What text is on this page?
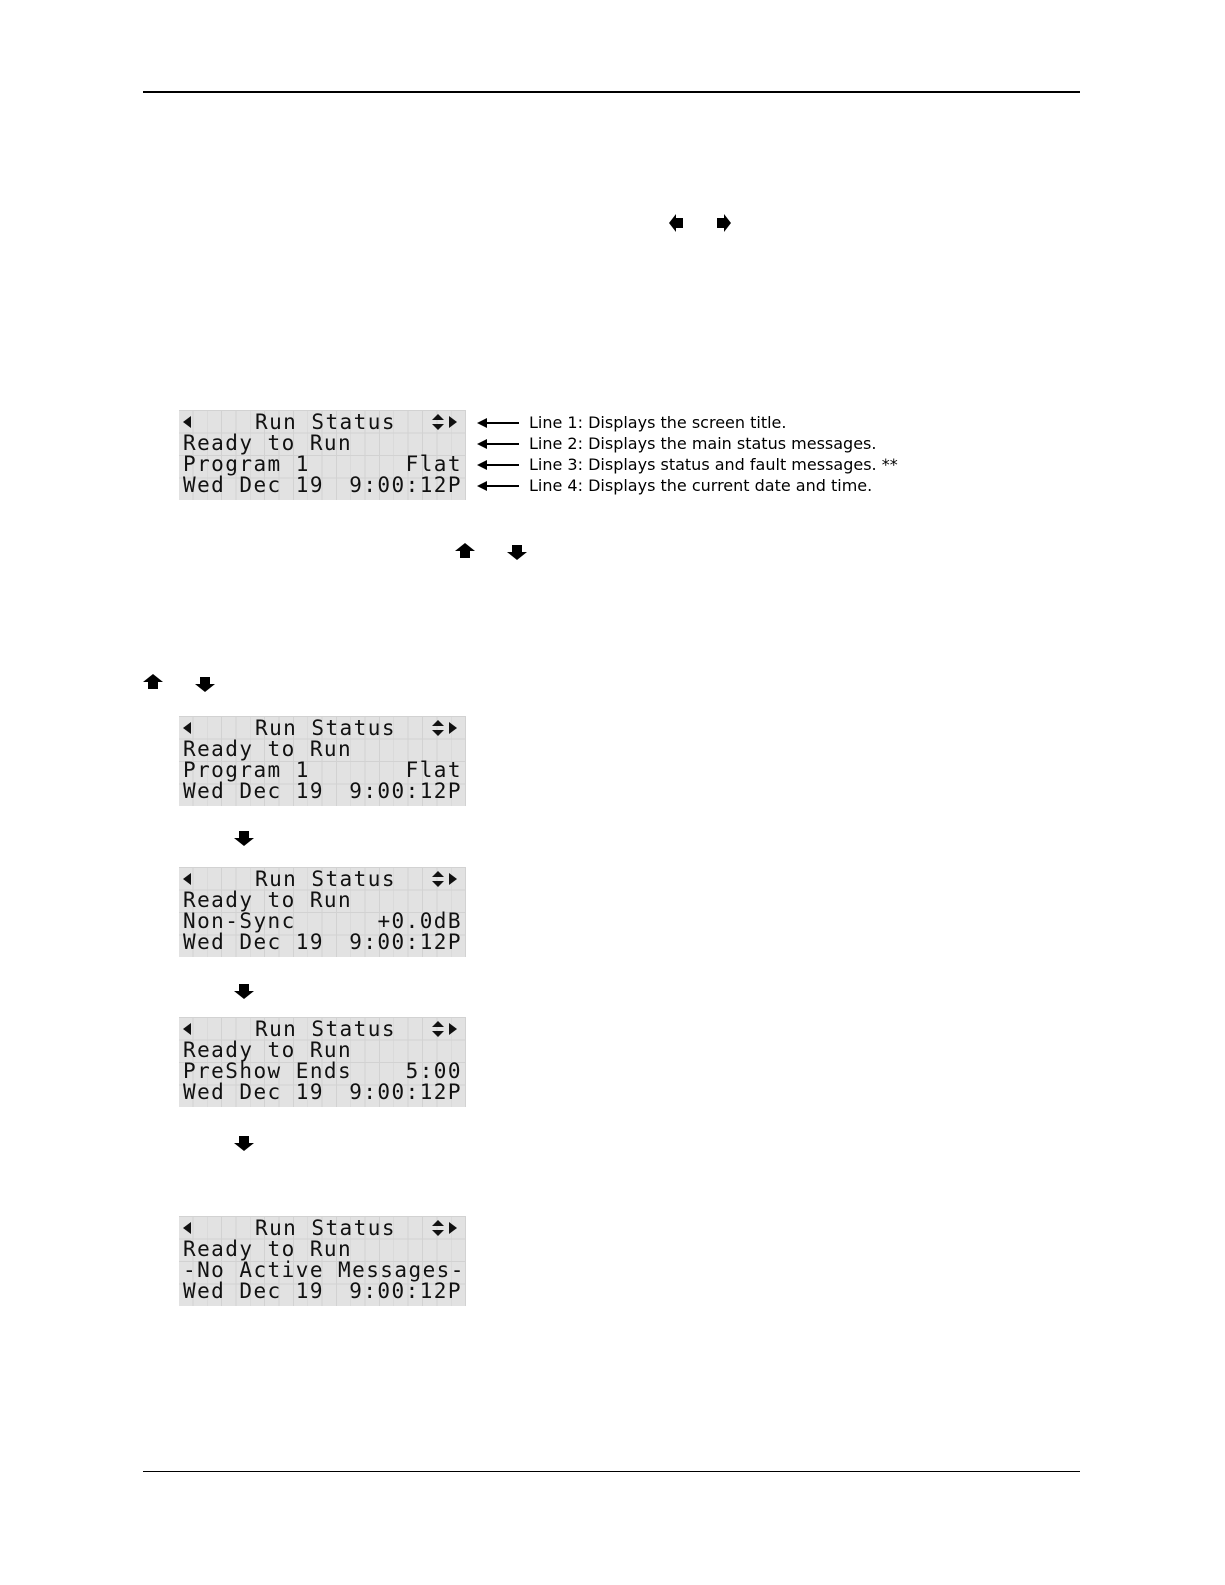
Run Status
Ready to Run
Program 1	Flat
Wed Dec 19 9:00:12P
Line 1: Displays the screen title.
Line 2: Displays the main status messages.
Line 3: Displays status and fault messages. **
Line 4: Displays the current date and time.
Run Status
Ready to Run
Program 1	Flat
Wed Dec 19 9:00:12P
Run Status
Ready to Run
Non-Sync	+0.0dB
Wed Dec 19 9:00:12P
Run Status
Ready to Run
PreShow Ends	5:00
Wed Dec 19 9:00:12P
Run Status
Ready to Run
-No Active Messages-
Wed Dec 19 9:00:12P
